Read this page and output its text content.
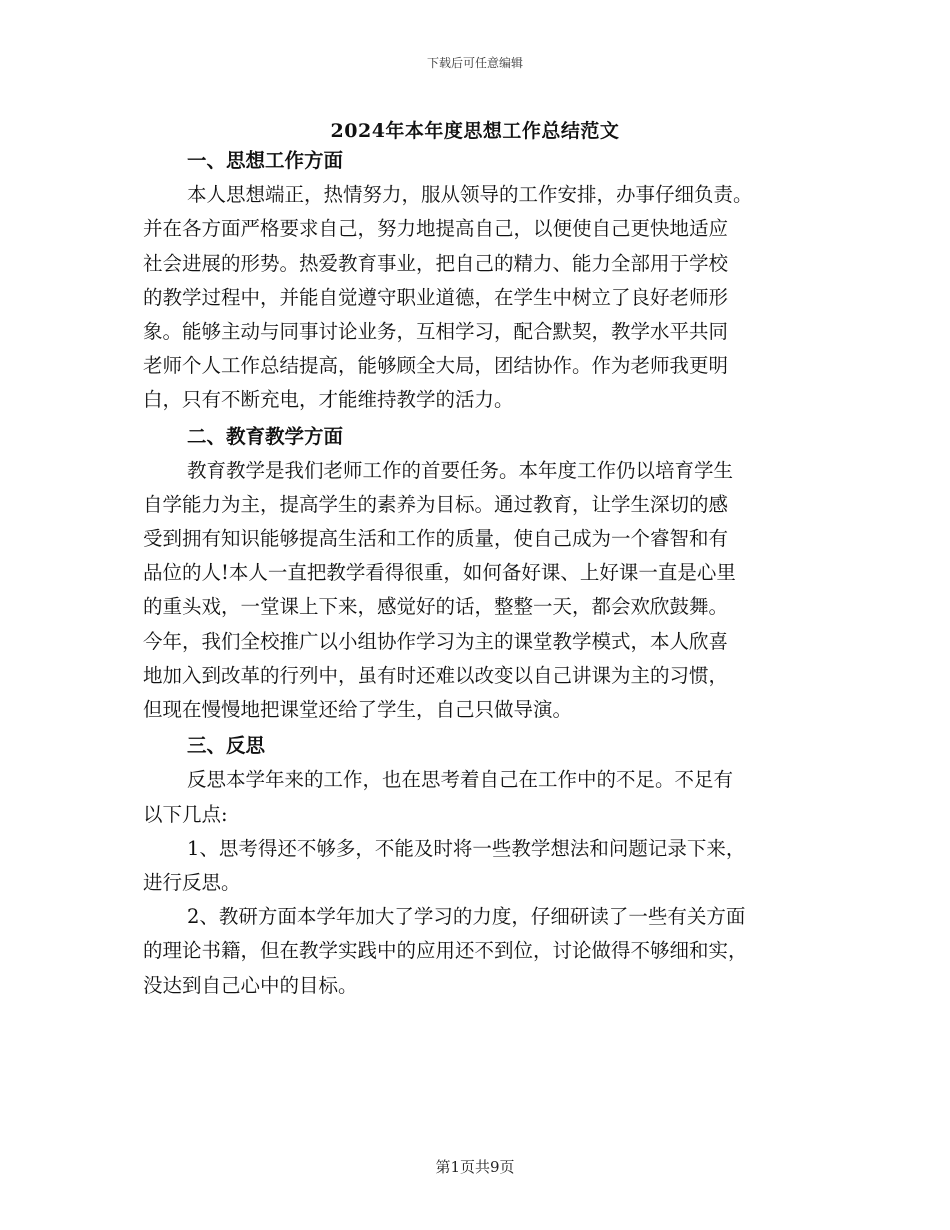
下载后可任意编辑
2024年本年度思想工作总结范文
一、思想工作方面
本人思想端正，热情努力，服从领导的工作安排，办事仔细负责。
并在各方面严格要求自己，努力地提高自己，以便使自己更快地适应
社会进展的形势。热爱教育事业，把自己的精力、能力全部用于学校
的教学过程中，并能自觉遵守职业道德，在学生中树立了良好老师形
象。能够主动与同事讨论业务，互相学习，配合默契，教学水平共同
老师个人工作总结提高，能够顾全大局，团结协作。作为老师我更明
白，只有不断充电，才能维持教学的活力。
二、教育教学方面
教育教学是我们老师工作的首要任务。本年度工作仍以培育学生
自学能力为主，提高学生的素养为目标。通过教育，让学生深切的感
受到拥有知识能够提高生活和工作的质量，使自己成为一个睿智和有
品位的人!本人一直把教学看得很重，如何备好课、上好课一直是心里
的重头戏，一堂课上下来，感觉好的话，整整一天，都会欢欣鼓舞。
今年，我们全校推广以小组协作学习为主的课堂教学模式，本人欣喜
地加入到改革的行列中，虽有时还难以改变以自己讲课为主的习惯，
但现在慢慢地把课堂还给了学生，自己只做导演。
三、反思
反思本学年来的工作，也在思考着自己在工作中的不足。不足有
以下几点:
1、思考得还不够多，不能及时将一些教学想法和问题记录下来，
进行反思。
2、教研方面本学年加大了学习的力度，仔细研读了一些有关方面
的理论书籍，但在教学实践中的应用还不到位，讨论做得不够细和实，
没达到自己心中的目标。
第1页共9页
